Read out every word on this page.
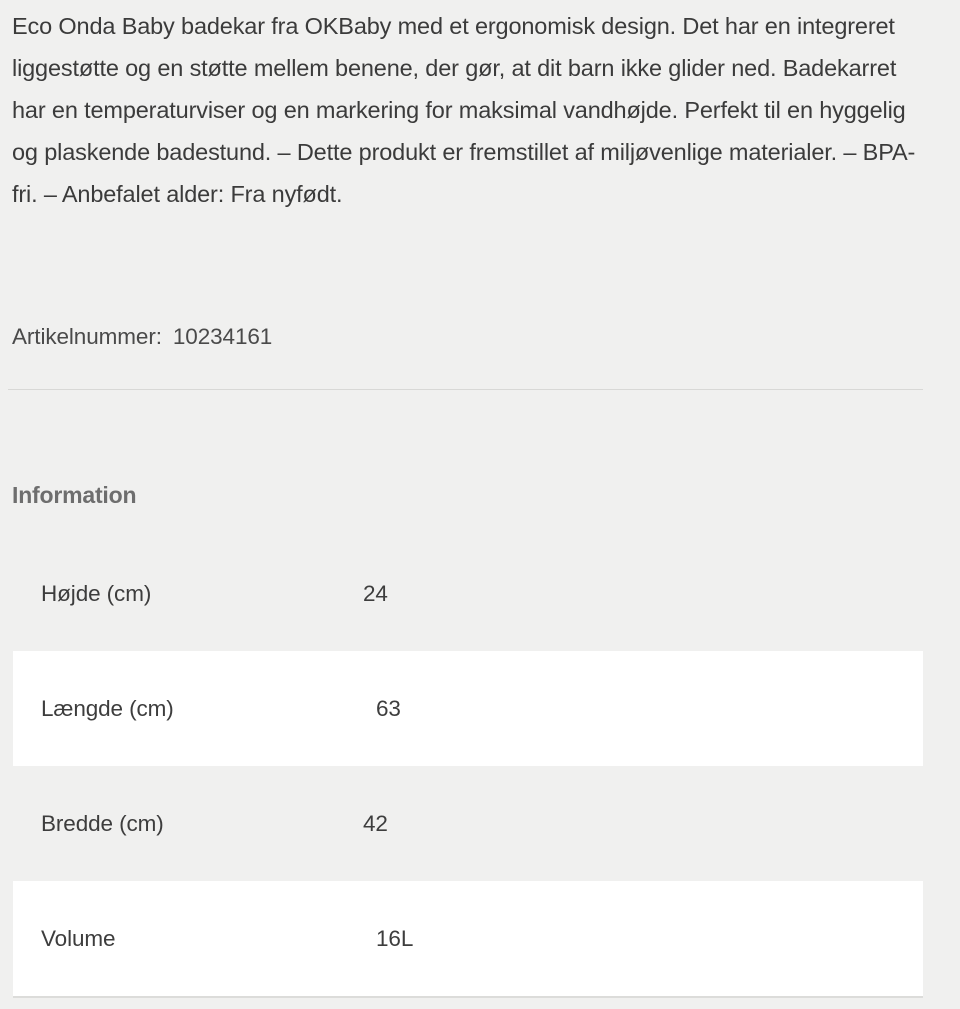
Eco Onda Baby badekar fra OKBaby med et ergonomisk design. Det har en integreret liggestøtte og en støtte mellem benene, der gør, at dit barn ikke glider ned. Badekarret har en temperaturviser og en markering for maksimal vandhøjde. Perfekt til en hyggelig og plaskende badestund. – Dette produkt er fremstillet af miljøvenlige materialer. – BPA-fri. – Anbefalet alder: Fra nyfødt.

Artikelnummer: 10234161
Information
Højde (cm)	24
Længde (cm)	63
Bredde (cm)	42
Volume	16L
